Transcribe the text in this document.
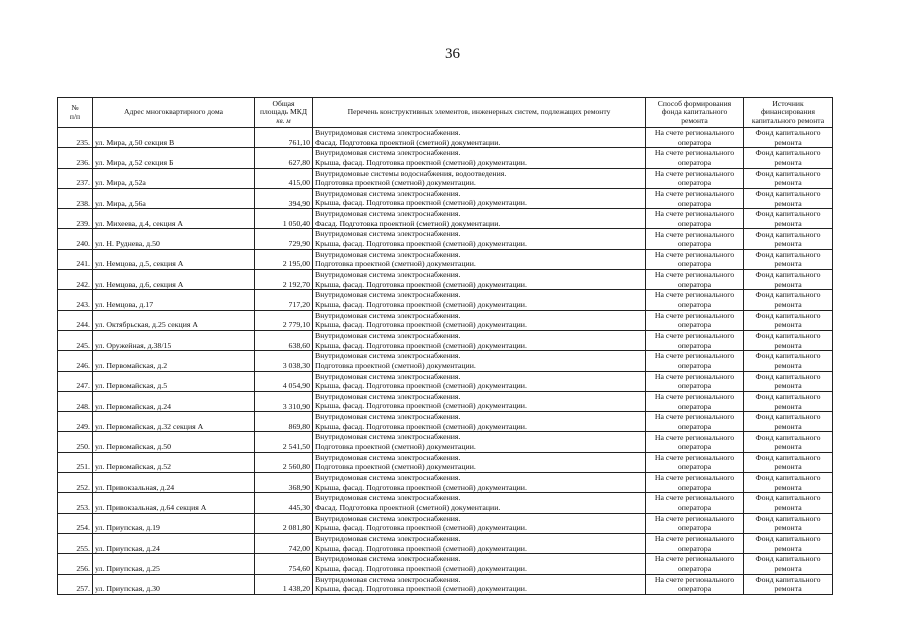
36
№
п/п	Адрес многоквартирного дома	Общая
площадь МКД
кв. м	Перечень конструктивных элементов, инженерных систем, подлежащих ремонту	Способ формирования
фонда капитального
ремонта	Источник
финансирования
капитального ремонта

235.	ул. Мира, д.50 секция В	761,10	Внутридомовая система электроснабжения.
Фасад. Подготовка проектной (сметной) документации.	На счете регионального
оператора	Фонд капитального
ремонта

236.	ул. Мира, д.52 секция Б	627,80	Внутридомовая система электроснабжения.
Крыша, фасад. Подготовка проектной (сметной) документации.	На счете регионального
оператора	Фонд капитального
ремонта

237.	ул. Мира, д.52а	415,00	Внутридомовые системы водоснабжения, водоотведения.
Подготовка проектной (сметной) документации.	На счете регионального
оператора	Фонд капитального
ремонта

238.	ул. Мира, д.56а	394,90	Внутридомовая система электроснабжения.
Крыша, фасад. Подготовка проектной (сметной) документации.	На счете регионального
оператора	Фонд капитального
ремонта

239.	ул. Михеева, д.4, секция А	1 050,40	Внутридомовая система электроснабжения.
Фасад. Подготовка проектной (сметной) документации.	На счете регионального
оператора	Фонд капитального
ремонта

240.	ул. Н. Руднева, д.50	729,90	Внутридомовая система электроснабжения.
Крыша, фасад. Подготовка проектной (сметной) документации.	На счете регионального
оператора	Фонд капитального
ремонта

241.	ул. Немцова, д.5, секция А	2 195,00	Внутридомовая система электроснабжения.
Подготовка проектной (сметной) документации.	На счете регионального
оператора	Фонд капитального
ремонта

242.	ул. Немцова, д.6, секция А	2 192,70	Внутридомовая система электроснабжения.
Крыша, фасад. Подготовка проектной (сметной) документации.	На счете регионального
оператора	Фонд капитального
ремонта

243.	ул. Немцова, д.17	717,20	Внутридомовая система электроснабжения.
Крыша, фасад. Подготовка проектной (сметной) документации.	На счете регионального
оператора	Фонд капитального
ремонта

244.	ул. Октябрьская, д.25 секция А	2 779,10	Внутридомовая система электроснабжения.
Крыша, фасад. Подготовка проектной (сметной) документации.	На счете регионального
оператора	Фонд капитального
ремонта

245.	ул. Оружейная, д.38/15	638,60	Внутридомовая система электроснабжения.
Крыша, фасад. Подготовка проектной (сметной) документации.	На счете регионального
оператора	Фонд капитального
ремонта

246.	ул. Первомайская, д.2	3 038,30	Внутридомовая система электроснабжения.
Подготовка проектной (сметной) документации.	На счете регионального
оператора	Фонд капитального
ремонта

247.	ул. Первомайская, д.5	4 054,90	Внутридомовая система электроснабжения.
Крыша, фасад. Подготовка проектной (сметной) документации.	На счете регионального
оператора	Фонд капитального
ремонта

248.	ул. Первомайская, д.24	3 310,90	Внутридомовая система электроснабжения.
Крыша, фасад. Подготовка проектной (сметной) документации.	На счете регионального
оператора	Фонд капитального
ремонта

249.	ул. Первомайская, д.32 секция А	869,80	Внутридомовая система электроснабжения.
Крыша, фасад. Подготовка проектной (сметной) документации.	На счете регионального
оператора	Фонд капитального
ремонта

250.	ул. Первомайская, д.50	2 541,50	Внутридомовая система электроснабжения.
Подготовка проектной (сметной) документации.	На счете регионального
оператора	Фонд капитального
ремонта

251.	ул. Первомайская, д.52	2 560,80	Внутридомовая система электроснабжения.
Подготовка проектной (сметной) документации.	На счете регионального
оператора	Фонд капитального
ремонта

252.	ул. Привокзальная, д.24	368,90	Внутридомовая система электроснабжения.
Крыша, фасад. Подготовка проектной (сметной) документации.	На счете регионального
оператора	Фонд капитального
ремонта

253.	ул. Привокзальная, д.64 секция А	445,30	Внутридомовая система электроснабжения.
Фасад. Подготовка проектной (сметной) документации.	На счете регионального
оператора	Фонд капитального
ремонта

254.	ул. Приупская, д.19	2 081,80	Внутридомовая система электроснабжения.
Крыша, фасад. Подготовка проектной (сметной) документации.	На счете регионального
оператора	Фонд капитального
ремонта

255.	ул. Приупская, д.24	742,00	Внутридомовая система электроснабжения.
Крыша, фасад. Подготовка проектной (сметной) документации.	На счете регионального
оператора	Фонд капитального
ремонта

256.	ул. Приупская, д.25	754,60	Внутридомовая система электроснабжения.
Крыша, фасад. Подготовка проектной (сметной) документации.	На счете регионального
оператора	Фонд капитального
ремонта

257.	ул. Приупская, д.30	1 438,20	Внутридомовая система электроснабжения.
Крыша, фасад. Подготовка проектной (сметной) документации.	На счете регионального
оператора	Фонд капитального
ремонта
